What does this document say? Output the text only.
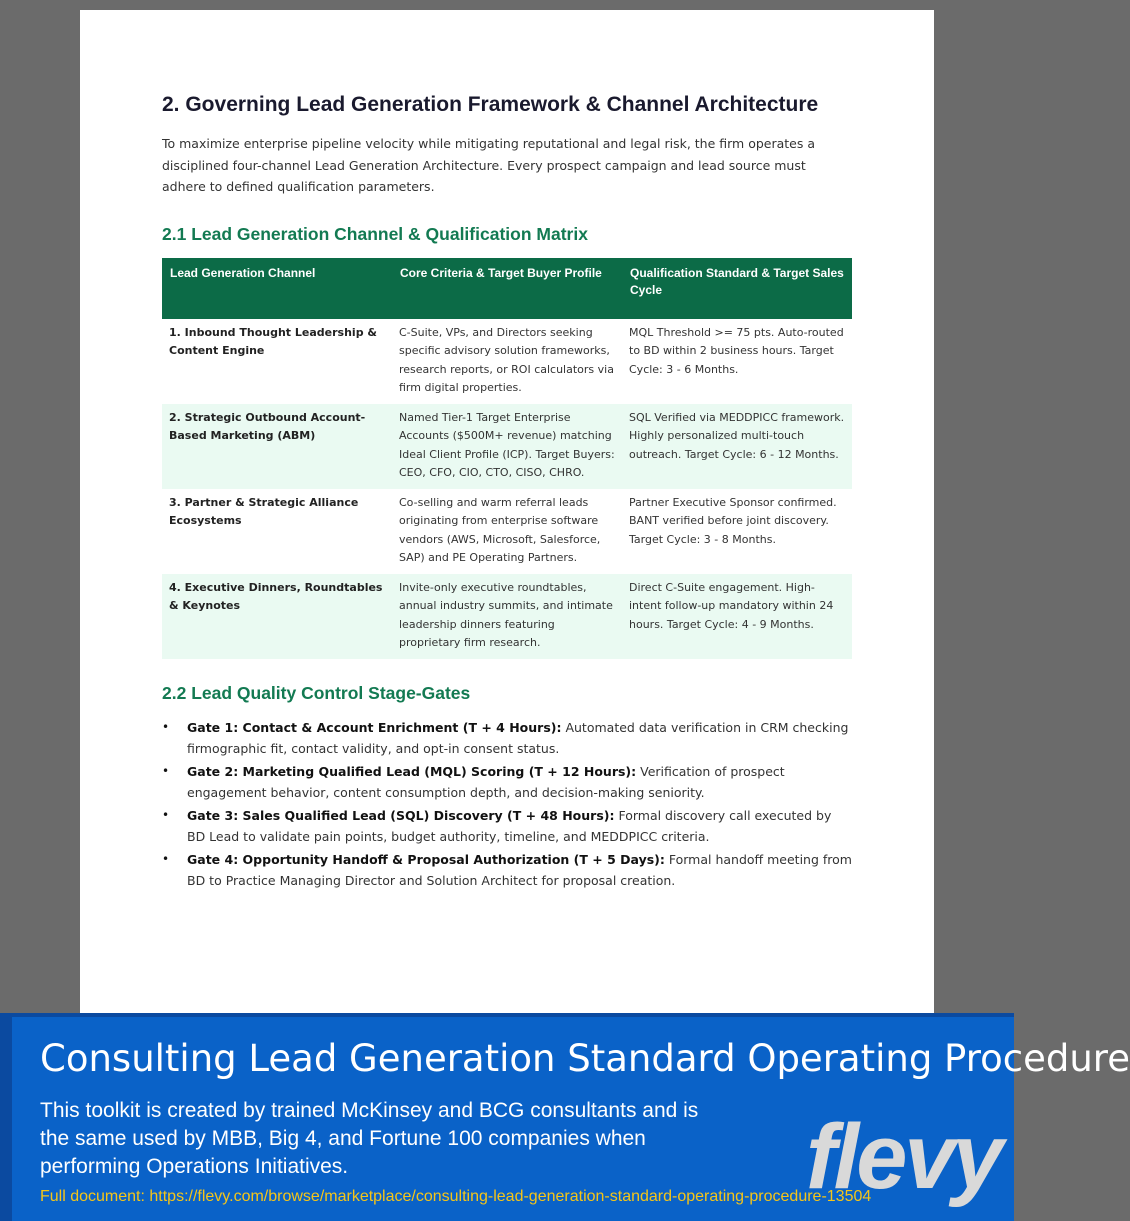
2. Governing Lead Generation Framework & Channel Architecture

To maximize enterprise pipeline velocity while mitigating reputational and legal risk, the firm operates a disciplined four-channel Lead Generation Architecture. Every prospect campaign and lead source must adhere to defined qualification parameters.

2.1 Lead Generation Channel & Qualification Matrix
Lead Generation Channel	Core Criteria & Target Buyer Profile	Qualification Standard & Target Sales Cycle
1. Inbound Thought Leadership & Content Engine	C-Suite, VPs, and Directors seeking specific advisory solution frameworks, research reports, or ROI calculators via firm digital properties.	MQL Threshold >= 75 pts. Auto-routed to BD within 2 business hours. Target Cycle: 3 - 6 Months.
2. Strategic Outbound Account-Based Marketing (ABM)	Named Tier-1 Target Enterprise Accounts ($500M+ revenue) matching Ideal Client Profile (ICP). Target Buyers: CEO, CFO, CIO, CTO, CISO, CHRO.	SQL Verified via MEDDPICC framework. Highly personalized multi-touch outreach. Target Cycle: 6 - 12 Months.
3. Partner & Strategic Alliance Ecosystems	Co-selling and warm referral leads originating from enterprise software vendors (AWS, Microsoft, Salesforce, SAP) and PE Operating Partners.	Partner Executive Sponsor confirmed. BANT verified before joint discovery. Target Cycle: 3 - 8 Months.
4. Executive Dinners, Roundtables & Keynotes	Invite-only executive roundtables, annual industry summits, and intimate leadership dinners featuring proprietary firm research.	Direct C-Suite engagement. High-intent follow-up mandatory within 24 hours. Target Cycle: 4 - 9 Months.
2.2 Lead Quality Control Stage-Gates
• Gate 1: Contact & Account Enrichment (T + 4 Hours): Automated data verification in CRM checking firmographic fit, contact validity, and opt-in consent status.
• Gate 2: Marketing Qualified Lead (MQL) Scoring (T + 12 Hours): Verification of prospect engagement behavior, content consumption depth, and decision-making seniority.
• Gate 3: Sales Qualified Lead (SQL) Discovery (T + 48 Hours): Formal discovery call executed by BD Lead to validate pain points, budget authority, timeline, and MEDDPICC criteria.
• Gate 4: Opportunity Handoff & Proposal Authorization (T + 5 Days): Formal handoff meeting from BD to Practice Managing Director and Solution Architect for proposal creation.
Consulting Lead Generation Standard Operating Procedure
This toolkit is created by trained McKinsey and BCG consultants and is the same used by MBB, Big 4, and Fortune 100 companies when performing Operations Initiatives.
Full document: https://flevy.com/browse/marketplace/consulting-lead-generation-standard-operating-procedure-13504
flevy
